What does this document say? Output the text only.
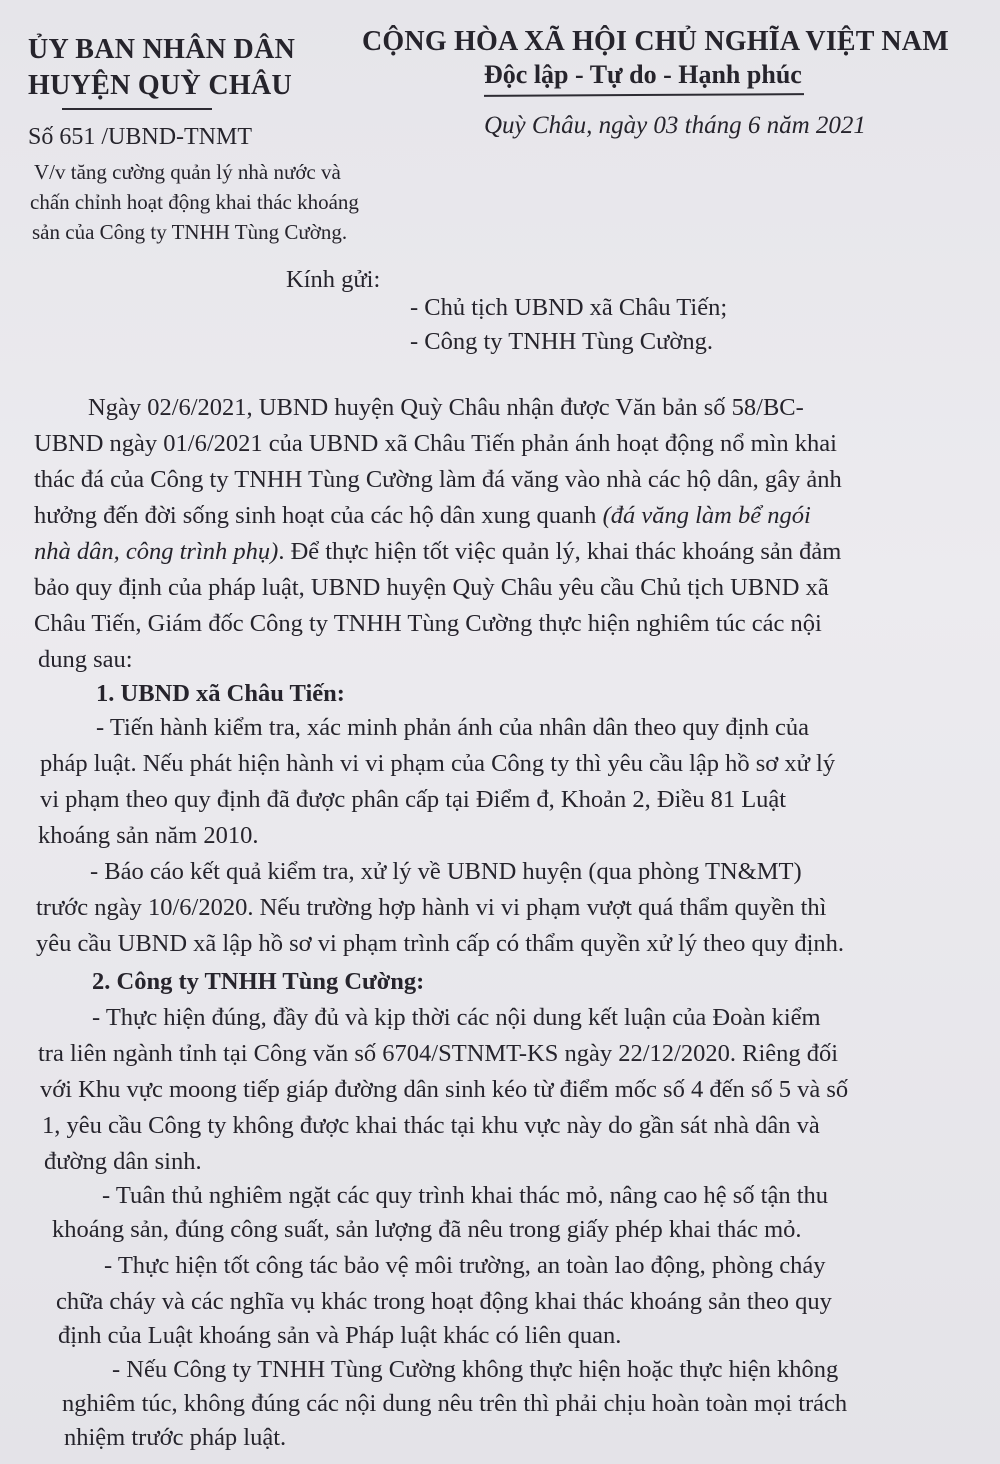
ỦY BAN NHÂN DÂN
HUYỆN QUỲ CHÂU
CỘNG HÒA XÃ HỘI CHỦ NGHĨA VIỆT NAM
Độc lập - Tự do - Hạnh phúc
Số 651 /UBND-TNMT	Quỳ Châu, ngày 03 tháng 6 năm 2021
V/v tăng cường quản lý nhà nước và
chấn chỉnh hoạt động khai thác khoáng
sản của Công ty TNHH Tùng Cường.
Kính gửi:
- Chủ tịch UBND xã Châu Tiến;
- Công ty TNHH Tùng Cường.
Ngày 02/6/2021, UBND huyện Quỳ Châu nhận được Văn bản số 58/BC-
UBND ngày 01/6/2021 của UBND xã Châu Tiến phản ánh hoạt động nổ mìn khai
thác đá của Công ty TNHH Tùng Cường làm đá văng vào nhà các hộ dân, gây ảnh
hưởng đến đời sống sinh hoạt của các hộ dân xung quanh (đá văng làm bể ngói
nhà dân, công trình phụ). Để thực hiện tốt việc quản lý, khai thác khoáng sản đảm
bảo quy định của pháp luật, UBND huyện Quỳ Châu yêu cầu Chủ tịch UBND xã
Châu Tiến, Giám đốc Công ty TNHH Tùng Cường thực hiện nghiêm túc các nội
dung sau:
1. UBND xã Châu Tiến:
- Tiến hành kiểm tra, xác minh phản ánh của nhân dân theo quy định của
pháp luật. Nếu phát hiện hành vi vi phạm của Công ty thì yêu cầu lập hồ sơ xử lý
vi phạm theo quy định đã được phân cấp tại Điểm đ, Khoản 2, Điều 81 Luật
khoáng sản năm 2010.
- Báo cáo kết quả kiểm tra, xử lý về UBND huyện (qua phòng TN&MT)
trước ngày 10/6/2020. Nếu trường hợp hành vi vi phạm vượt quá thẩm quyền thì
yêu cầu UBND xã lập hồ sơ vi phạm trình cấp có thẩm quyền xử lý theo quy định.
2. Công ty TNHH Tùng Cường:
- Thực hiện đúng, đầy đủ và kịp thời các nội dung kết luận của Đoàn kiểm
tra liên ngành tỉnh tại Công văn số 6704/STNMT-KS ngày 22/12/2020. Riêng đối
với Khu vực moong tiếp giáp đường dân sinh kéo từ điểm mốc số 4 đến số 5 và số
1, yêu cầu Công ty không được khai thác tại khu vực này do gần sát nhà dân và
đường dân sinh.
- Tuân thủ nghiêm ngặt các quy trình khai thác mỏ, nâng cao hệ số tận thu
khoáng sản, đúng công suất, sản lượng đã nêu trong giấy phép khai thác mỏ.
- Thực hiện tốt công tác bảo vệ môi trường, an toàn lao động, phòng cháy
chữa cháy và các nghĩa vụ khác trong hoạt động khai thác khoáng sản theo quy
định của Luật khoáng sản và Pháp luật khác có liên quan.
- Nếu Công ty TNHH Tùng Cường không thực hiện hoặc thực hiện không
nghiêm túc, không đúng các nội dung nêu trên thì phải chịu hoàn toàn mọi trách
nhiệm trước pháp luật.
